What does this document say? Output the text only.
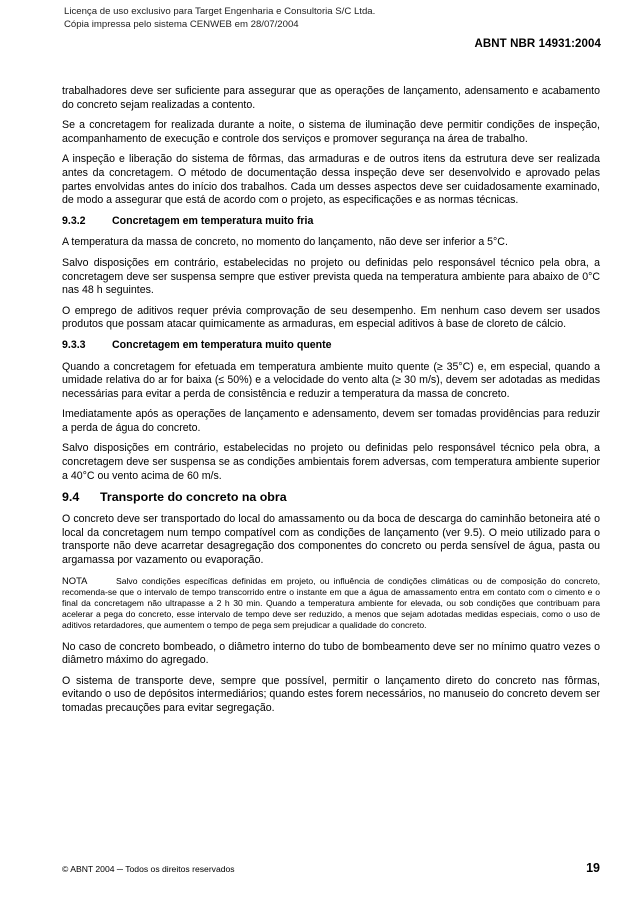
Licença de uso exclusivo para Target Engenharia e Consultoria S/C Ltda.
Cópia impressa pelo sistema CENWEB em 28/07/2004
ABNT NBR 14931:2004

trabalhadores deve ser suficiente para assegurar que as operações de lançamento, adensamento e acabamento do concreto sejam realizadas a contento.

Se a concretagem for realizada durante a noite, o sistema de iluminação deve permitir condições de inspeção, acompanhamento de execução e controle dos serviços e promover segurança na área de trabalho.

A inspeção e liberação do sistema de fôrmas, das armaduras e de outros itens da estrutura deve ser realizada antes da concretagem. O método de documentação dessa inspeção deve ser desenvolvido e aprovado pelas partes envolvidas antes do início dos trabalhos. Cada um desses aspectos deve ser cuidadosamente examinado, de modo a assegurar que está de acordo com o projeto, as especificações e as normas técnicas.

9.3.2 Concretagem em temperatura muito fria

A temperatura da massa de concreto, no momento do lançamento, não deve ser inferior a 5°C.

Salvo disposições em contrário, estabelecidas no projeto ou definidas pelo responsável técnico pela obra, a concretagem deve ser suspensa sempre que estiver prevista queda na temperatura ambiente para abaixo de 0°C nas 48 h seguintes.

O emprego de aditivos requer prévia comprovação de seu desempenho. Em nenhum caso devem ser usados produtos que possam atacar quimicamente as armaduras, em especial aditivos à base de cloreto de cálcio.

9.3.3 Concretagem em temperatura muito quente

Quando a concretagem for efetuada em temperatura ambiente muito quente (≥ 35°C) e, em especial, quando a umidade relativa do ar for baixa (≤ 50%) e a velocidade do vento alta (≥ 30 m/s), devem ser adotadas as medidas necessárias para evitar a perda de consistência e reduzir a temperatura da massa de concreto.

Imediatamente após as operações de lançamento e adensamento, devem ser tomadas providências para reduzir a perda de água do concreto.

Salvo disposições em contrário, estabelecidas no projeto ou definidas pelo responsável técnico pela obra, a concretagem deve ser suspensa se as condições ambientais forem adversas, com temperatura ambiente superior a 40°C ou vento acima de 60 m/s.

9.4 Transporte do concreto na obra

O concreto deve ser transportado do local do amassamento ou da boca de descarga do caminhão betoneira até o local da concretagem num tempo compatível com as condições de lançamento (ver 9.5). O meio utilizado para o transporte não deve acarretar desagregação dos componentes do concreto ou perda sensível de água, pasta ou argamassa por vazamento ou evaporação.

NOTA	Salvo condições específicas definidas em projeto, ou influência de condições climáticas ou de composição do concreto, recomenda-se que o intervalo de tempo transcorrido entre o instante em que a água de amassamento entra em contato com o cimento e o final da concretagem não ultrapasse a 2 h 30 min. Quando a temperatura ambiente for elevada, ou sob condições que contribuam para acelerar a pega do concreto, esse intervalo de tempo deve ser reduzido, a menos que sejam adotadas medidas especiais, como o uso de aditivos retardadores, que aumentem o tempo de pega sem prejudicar a qualidade do concreto.

No caso de concreto bombeado, o diâmetro interno do tubo de bombeamento deve ser no mínimo quatro vezes o diâmetro máximo do agregado.

O sistema de transporte deve, sempre que possível, permitir o lançamento direto do concreto nas fôrmas, evitando o uso de depósitos intermediários; quando estes forem necessários, no manuseio do concreto devem ser tomadas precauções para evitar segregação.

© ABNT 2004 ─ Todos os direitos reservados	19
